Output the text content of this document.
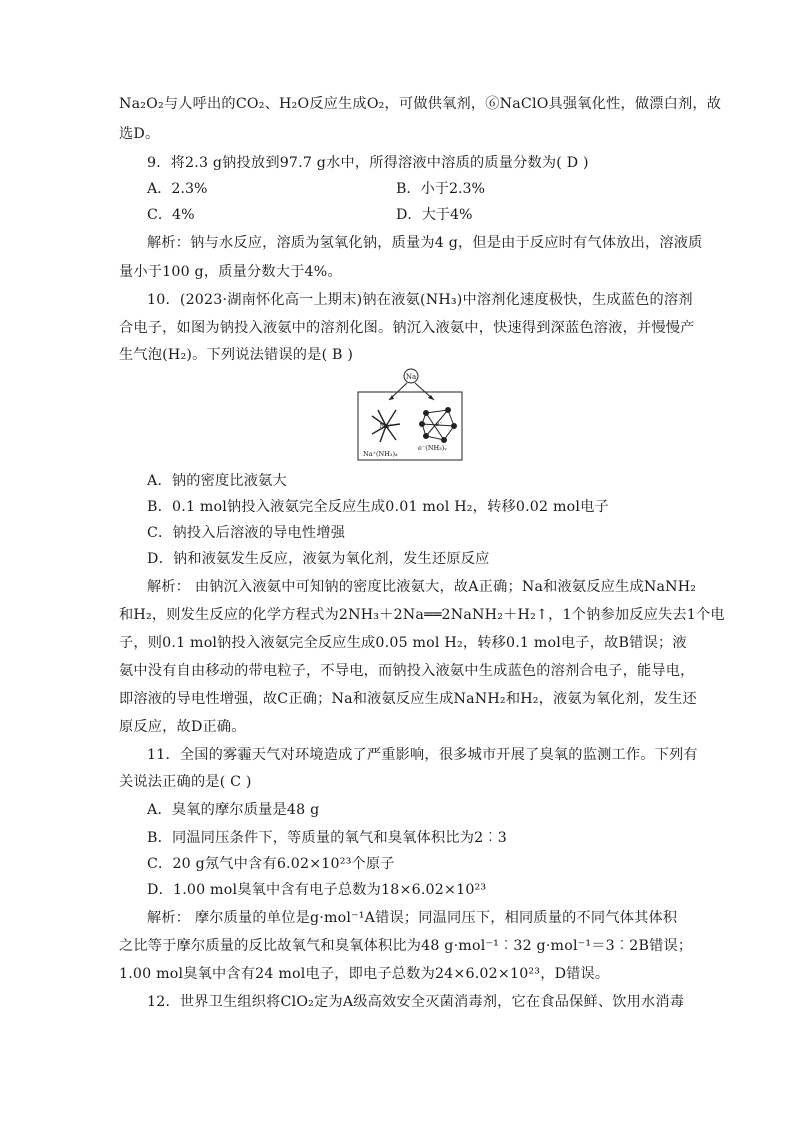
Na₂O₂与人呼出的CO₂、H₂O反应生成O₂，可做供氧剂，⑥NaClO具强氧化性，做漂白剂，故
选D。
9．将2.3 g钠投放到97.7 g水中，所得溶液中溶质的质量分数为( D )
A．2.3%	B．小于2.3%
C．4%	D．大于4%
解析：钠与水反应，溶质为氢氧化钠，质量为4 g，但是由于反应时有气体放出，溶液质
量小于100 g，质量分数大于4%。
10．(2023·湖南怀化高一上期末)钠在液氨(NH₃)中溶剂化速度极快，生成蓝色的溶剂
合电子，如图为钠投入液氨中的溶剂化图。钠沉入液氨中，快速得到深蓝色溶液，并慢慢产
生气泡(H₂)。下列说法错误的是( B )
Na
Na⁺	e⁻
Na⁺(NH₃)ₓ
e⁻(NH₃)ᵧ
A．钠的密度比液氨大
B．0.1 mol钠投入液氨完全反应生成0.01 mol H₂，转移0.02 mol电子
C．钠投入后溶液的导电性增强
D．钠和液氨发生反应，液氨为氧化剂，发生还原反应
解析： 由钠沉入液氨中可知钠的密度比液氨大，故A正确；Na和液氨反应生成NaNH₂
和H₂，则发生反应的化学方程式为2NH₃＋2Na══2NaNH₂＋H₂↑，1个钠参加反应失去1个电
子，则0.1 mol钠投入液氨完全反应生成0.05 mol H₂，转移0.1 mol电子，故B错误；液
氨中没有自由移动的带电粒子，不导电，而钠投入液氨中生成蓝色的溶剂合电子，能导电，
即溶液的导电性增强，故C正确；Na和液氨反应生成NaNH₂和H₂，液氨为氧化剂，发生还
原反应，故D正确。
11．全国的雾霾天气对环境造成了严重影响，很多城市开展了臭氧的监测工作。下列有
关说法正确的是( C )
A．臭氧的摩尔质量是48 g
B．同温同压条件下，等质量的氧气和臭氧体积比为2︰3
C．20 g氖气中含有6.02×10²³个原子
D．1.00 mol臭氧中含有电子总数为18×6.02×10²³
解析： 摩尔质量的单位是g·mol⁻¹A错误；同温同压下，相同质量的不同气体其体积
之比等于摩尔质量的反比故氧气和臭氧体积比为48 g·mol⁻¹︰32 g·mol⁻¹＝3︰2B错误；
1.00 mol臭氧中含有24 mol电子，即电子总数为24×6.02×10²³，D错误。
12．世界卫生组织将ClO₂定为A级高效安全灭菌消毒剂，它在食品保鲜、饮用水消毒
